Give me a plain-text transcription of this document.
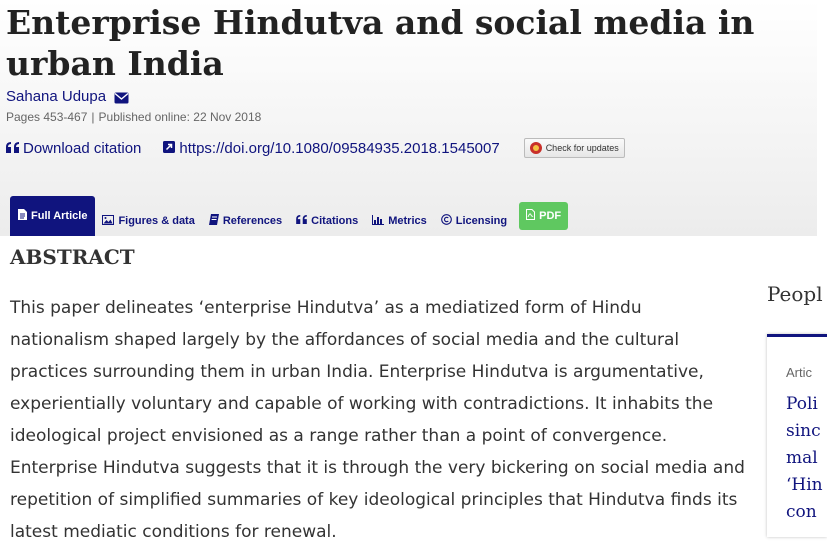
Enterprise Hindutva and social media in urban India
Sahana Udupa
Pages 453-467 | Published online: 22 Nov 2018
Download citation	https://doi.org/10.1080/09584935.2018.1545007	Check for updates
Full Article	Figures & data	References	Citations	Metrics	Licensing	PDF
ABSTRACT

This paper delineates ‘enterprise Hindutva’ as a mediatized form of Hindu nationalism shaped largely by the affordances of social media and the cultural practices surrounding them in urban India. Enterprise Hindutva is argumentative, experientially voluntary and capable of working with contradictions. It inhabits the ideological project envisioned as a range rather than a point of convergence. Enterprise Hindutva suggests that it is through the very bickering on social media and repetition of simplified summaries of key ideological principles that Hindutva finds its latest mediatic conditions for renewal.

Peopl
Artic

Poli
sinc
mal
‘Hin
con
